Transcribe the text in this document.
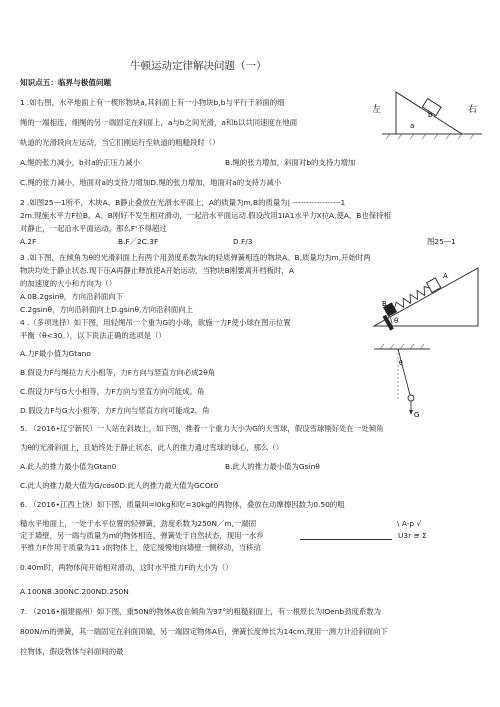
牛顿运动定律解决问题（一）
知识点五：临界与极值问题
1 .如右图，水平地面上有一楔形物块a,其斜面上有一小物块b,b与平行于斜面的细
绳的一端相连，细绳的另一端固定在斜面上，a与b之间光滑，a和b以共同速度在地面
轨道的光滑段向左运动，当它们刚运行至轨道的粗糙段时（）
A.绳的张力减小，b对a的正压力减小	B.绳的张力增加，斜面对b的支持力增加
C.绳的张力减小，地面对a的支持力增加D.绳的张力增加，地面对a的支持力减小
左	右
a
b
2 .如图25—1所不，木块A、B静止叠放在光滑水平面上，A的质量为m,B的质量为| ------------------1
2m.现施水平力F拉B，A、B刚好不发生相对滑动，一起沿水平面运动.假设改用1IA1水平力X拉A,使A、B也保持相
对静止，一起沿水平面运动，那么F'不得超过
A.2F	B.F／2C.3F	D.F/3	图25—1
3 .如下图，在倾角为θ的光滑斜面上有两个用劲度系数为k的轻质弹簧相连的物块A、B,质量均为m,开始时两
物块均处于静止状态.现下压A再静止释放使A开始运动，当物块B刚要离开档板时，A
的加速度的大小和方向为（）
A.0B.2gsinθ，方向沿斜面向下
C.2gsinθ，方向沿斜面向上D.gsinθ,方向沿斜面向上
θ
B
A
4 .（多项选择）如下图，用轻绳吊一个重为G的小球，欲施一力F使小球在图示位置
平衡（θ<30。），以下说法正确的选项是（）
A.力F最小值为Gtano
B.假设力F与绳拉力大小相等，力F方向与竖直方向必成2θ角
C.假设力F与G大小相等，力F方向与竖直方向可能成。角
D.假设力F与G大小相等，力F方向与竖直方向可能成2。角
θ
G
5. （2016•辽宁新民）一人站在斜坡上，如下图，推着一个重力大小为G的大雪球，假设雪球刚好处在一处倾角
为θ的光滑斜面上，且始终处于静止状态，此人的推力通过雪球的球心，那么（）
A.此人的推力最小值为Gtan0	B.此人的推力最小值为Gsinθ
C.此人的推力最大值为G/cos0D.此人的推力最大值为GCOt0
6. （2016•江西上饶）如下图，质量叫=l0kg和吃=30kg的两物体，叠放在动摩擦因数为0.50的粗
糙水平地面上，一处于水平位置的轻弹簧，劲度系数为250N／m,一端固	\ A-p √
定于墙壁，另一端与质量为m的物体相连，弹簧处于自然状态，现用一水乡	U3r ≡ Σ
平推力F作用于质量为11 ₂的物体上，使它缓慢地向墙壁一侧移动，当移动
0.40m时，两物体间开始相对滑动，这时水平推力F的大小为（）
A.100NB.300NC.200ND.250N
7. （2016•福建福州）如下图，重50N的物体A放在倾角为37°的粗糙斜面上，有一根原长为IOenb劲度系数为
800N/m的弹簧，其一端固定在斜面顶端，另一端固定物体A后，弹簧长度伸长为14cm,现用一测力计沿斜面向下
拉物体，假设物体与斜面间的最
